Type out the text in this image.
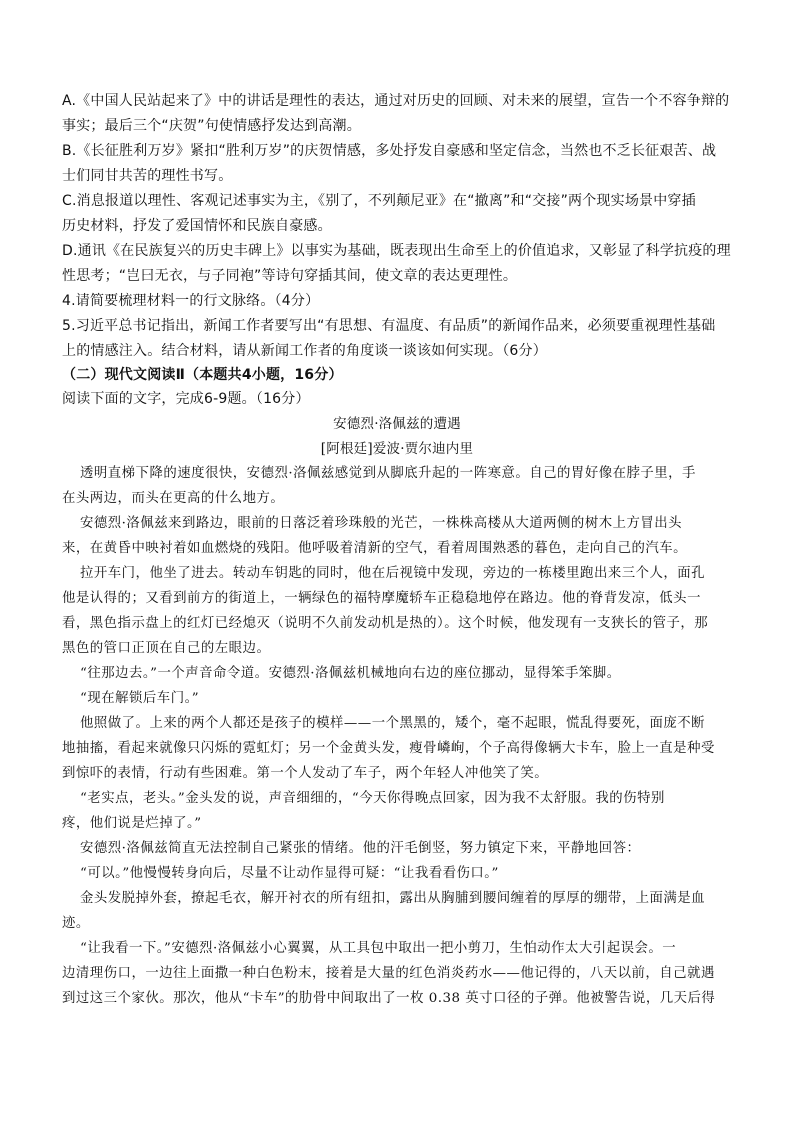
A.《中国人民站起来了》中的讲话是理性的表达，通过对历史的回顾、对未来的展望，宣告一个不容争辩的
事实；最后三个“庆贺”句使情感抒发达到高潮。
B.《长征胜利万岁》紧扣“胜利万岁”的庆贺情感，多处抒发自豪感和坚定信念，当然也不乏长征艰苦、战
士们同甘共苦的理性书写。
C.消息报道以理性、客观记述事实为主，《别了，不列颠尼亚》在“撤离”和“交接”两个现实场景中穿插
历史材料，抒发了爱国情怀和民族自豪感。
D.通讯《在民族复兴的历史丰碑上》以事实为基础，既表现出生命至上的价值追求，又彰显了科学抗疫的理
性思考；“岂曰无衣，与子同袍”等诗句穿插其间，使文章的表达更理性。
4.请简要梳理材料一的行文脉络。（4分）
5.习近平总书记指出，新闻工作者要写出“有思想、有温度、有品质”的新闻作品来，必须要重视理性基础
上的情感注入。结合材料，请从新闻工作者的角度谈一谈该如何实现。（6分）
（二）现代文阅读Ⅱ（本题共4小题，16分）
阅读下面的文字，完成6-9题。（16分）
安德烈·洛佩兹的遭遇
[阿根廷]爱波·贾尔迪内里
透明直梯下降的速度很快，安德烈·洛佩兹感觉到从脚底升起的一阵寒意。自己的胃好像在脖子里，手
在头两边，而头在更高的什么地方。
安德烈·洛佩兹来到路边，眼前的日落泛着珍珠般的光芒，一株株高楼从大道两侧的树木上方冒出头
来，在黄昏中映衬着如血燃烧的残阳。他呼吸着清新的空气，看着周围熟悉的暮色，走向自己的汽车。
拉开车门，他坐了进去。转动车钥匙的同时，他在后视镜中发现，旁边的一栋楼里跑出来三个人，面孔
他是认得的；又看到前方的街道上，一辆绿色的福特摩魔轿车正稳稳地停在路边。他的脊背发凉，低头一
看，黑色指示盘上的红灯已经熄灭（说明不久前发动机是热的）。这个时候，他发现有一支狭长的管子，那
黑色的管口正顶在自己的左眼边。
“往那边去。”一个声音命令道。安德烈·洛佩兹机械地向右边的座位挪动，显得笨手笨脚。
“现在解锁后车门。”
他照做了。上来的两个人都还是孩子的模样——一个黑黑的，矮个，毫不起眼，慌乱得要死，面庞不断
地抽搐，看起来就像只闪烁的霓虹灯；另一个金黄头发，瘦骨嶙峋，个子高得像辆大卡车，脸上一直是种受
到惊吓的表情，行动有些困难。第一个人发动了车子，两个年轻人冲他笑了笑。
“老实点，老头。”金头发的说，声音细细的，“今天你得晚点回家，因为我不太舒服。我的伤特别
疼，他们说是烂掉了。”
安德烈·洛佩兹简直无法控制自己紧张的情绪。他的汗毛倒竖，努力镇定下来，平静地回答：
“可以。”他慢慢转身向后，尽量不让动作显得可疑：“让我看看伤口。”
金头发脱掉外套，撩起毛衣，解开衬衣的所有纽扣，露出从胸脯到腰间缠着的厚厚的绷带，上面满是血
迹。
“让我看一下。”安德烈·洛佩兹小心翼翼，从工具包中取出一把小剪刀，生怕动作太大引起误会。一
边清理伤口，一边往上面撒一种白色粉末，接着是大量的红色消炎药水——他记得的，八天以前，自己就遇
到过这三个家伙。那次，他从“卡车”的肋骨中间取出了一枚 0.38 英寸口径的子弹。他被警告说，几天后得
